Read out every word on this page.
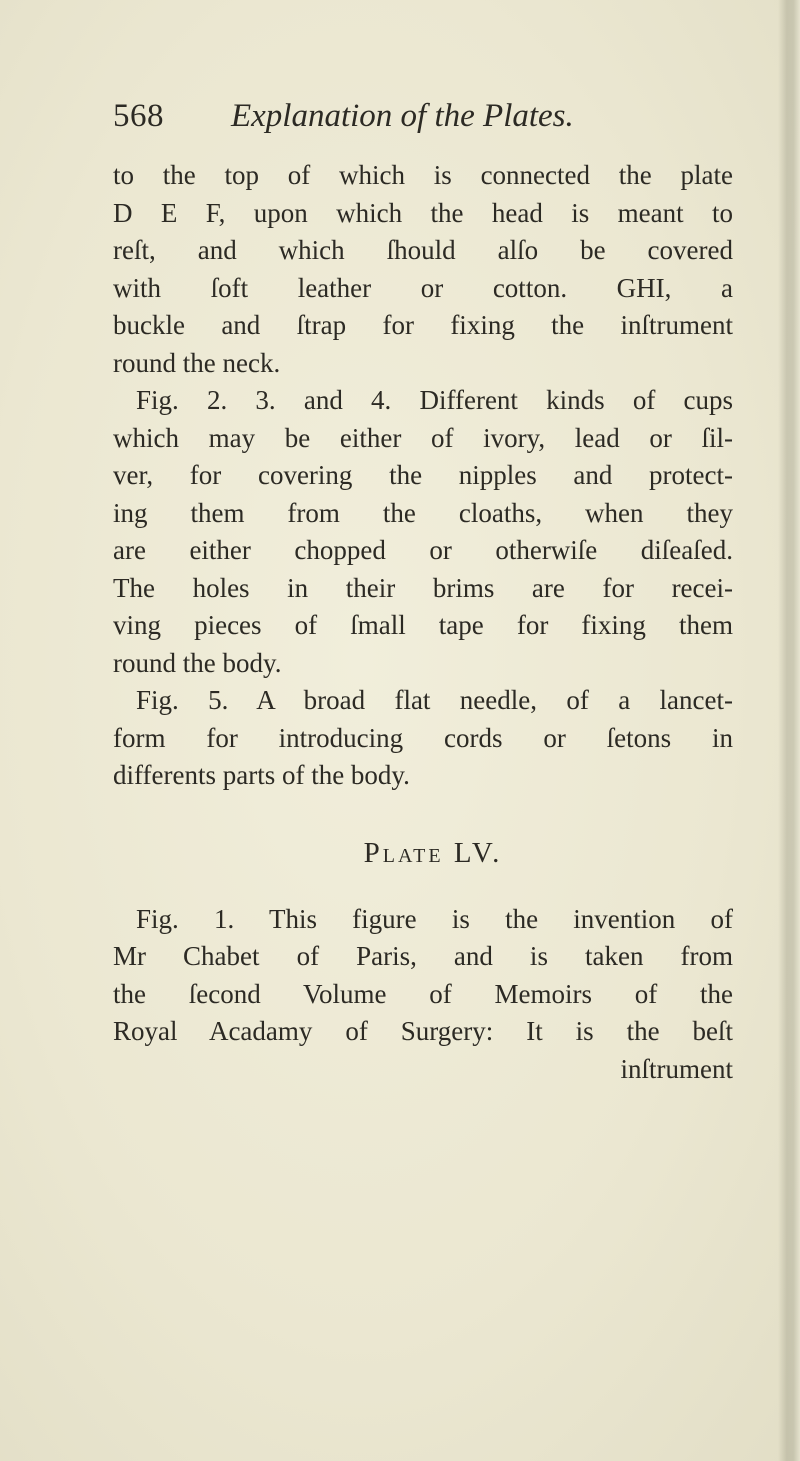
568 Explanation of the Plates.
to the top of which is connected the plate
D E F, upon which the head is meant to
reſt, and which ſhould alſo be covered
with ſoft leather or cotton. GHI, a
buckle and ſtrap for fixing the inſtrument
round the neck.
Fig. 2. 3. and 4. Different kinds of cups
which may be either of ivory, lead or ſil-
ver, for covering the nipples and protect-
ing them from the cloaths, when they
are either chopped or otherwiſe diſeaſed.
The holes in their brims are for recei-
ving pieces of ſmall tape for fixing them
round the body.
Fig. 5. A broad flat needle, of a lancet-
form for introducing cords or ſetons in
differents parts of the body.
Plate LV.
Fig. 1. This figure is the invention of
Mr Chabet of Paris, and is taken from
the ſecond Volume of Memoirs of the
Royal Acadamy of Surgery: It is the beſt
inſtrument
